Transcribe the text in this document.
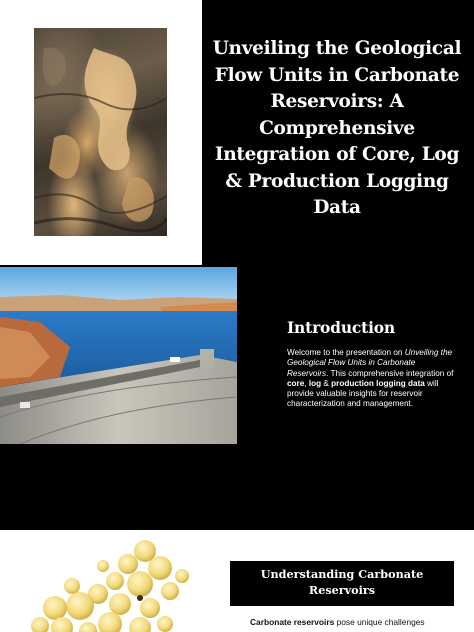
Unveiling the Geological Flow Units in Carbonate Reservoirs: A Comprehensive Integration of Core, Log & Production Logging Data
Introduction

Welcome to the presentation on Unveiling the Geological Flow Units in Carbonate Reservoirs. This comprehensive integration of core, log & production logging data will provide valuable insights for reservoir characterization and management.

Understanding Carbonate Reservoirs

Carbonate reservoirs pose unique challenges
